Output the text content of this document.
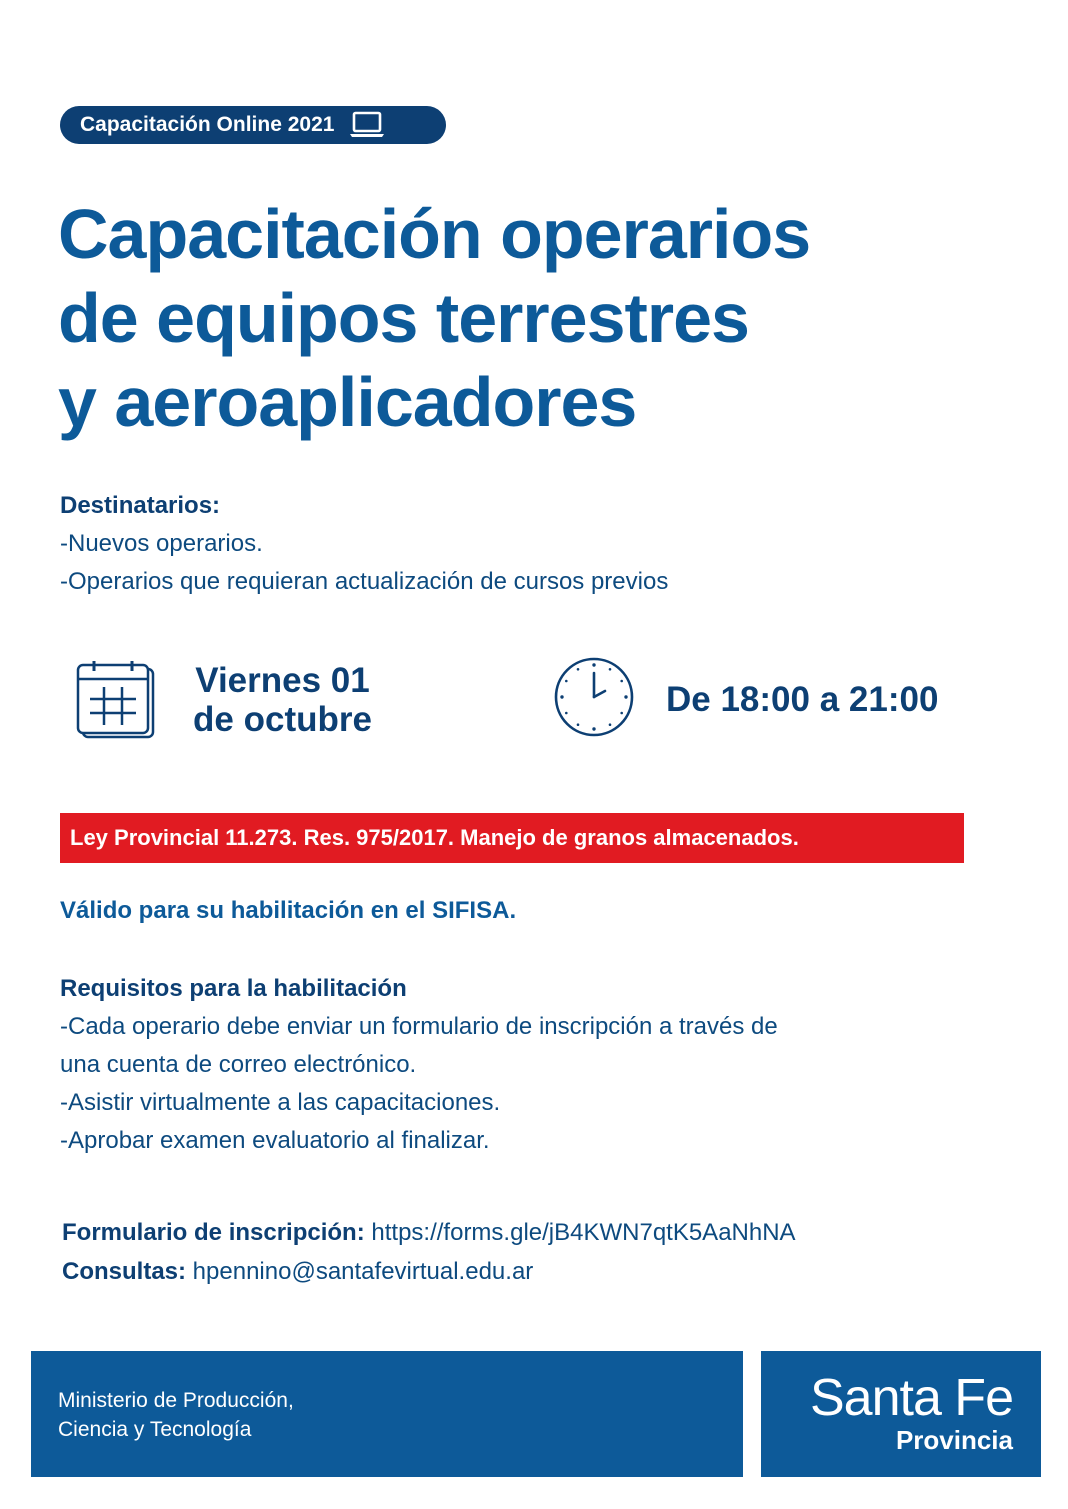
Capacitación Online 2021
Capacitación operarios
de equipos terrestres
y aeroaplicadores
Destinatarios:
-Nuevos operarios.
-Operarios que requieran actualización de cursos previos
Viernes 01
de octubre
De 18:00 a 21:00
Ley Provincial 11.273. Res. 975/2017. Manejo de granos almacenados.
Válido para su habilitación en el SIFISA.
Requisitos para la habilitación
-Cada operario debe enviar un formulario de inscripción a través de
una cuenta de correo electrónico.
-Asistir virtualmente a las capacitaciones.
-Aprobar examen evaluatorio al finalizar.
Formulario de inscripción: https://forms.gle/jB4KWN7qtK5AaNhNA
Consultas: hpennino@santafevirtual.edu.ar
Ministerio de Producción,
Ciencia y Tecnología
Santa Fe
Provincia
